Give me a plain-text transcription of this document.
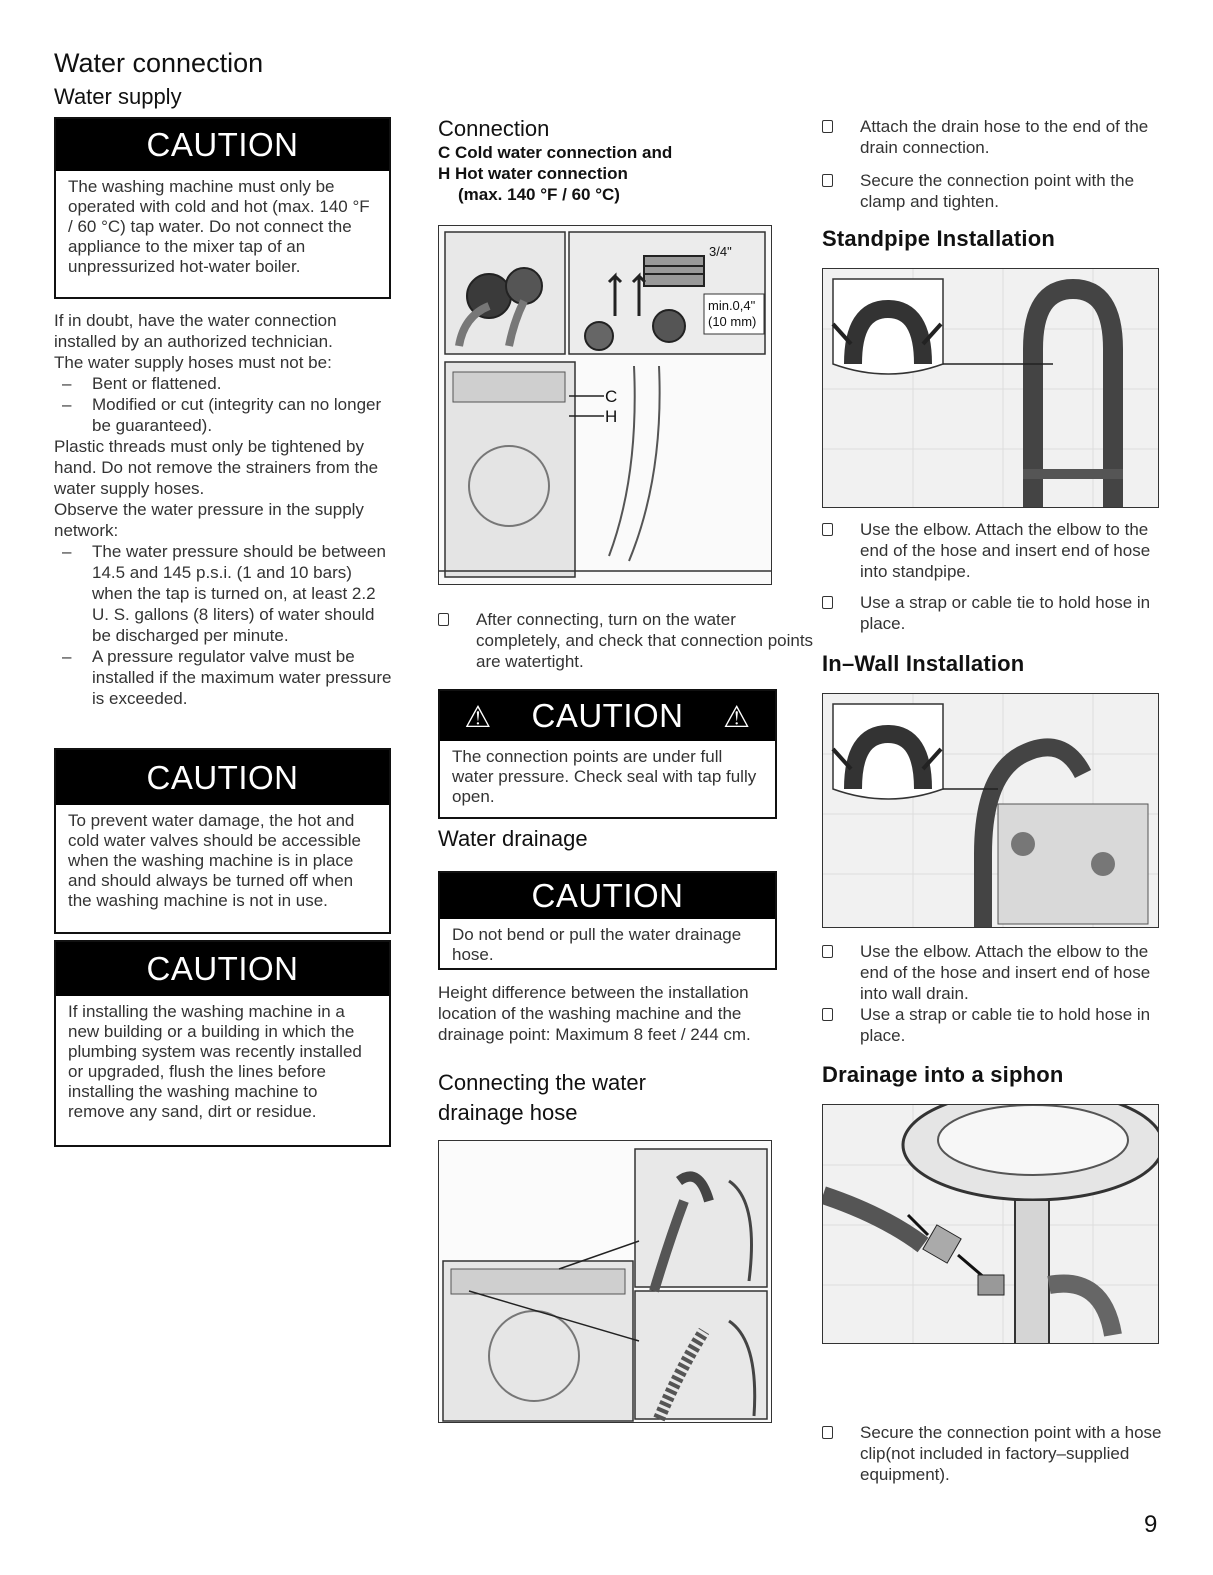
Water connection
Water supply
CAUTION
The washing machine must only be operated with cold and hot (max. 140 °F / 60 °C) tap water. Do not connect the appliance to the mixer tap of an unpressurized hot-water boiler.
If in doubt, have the water connection installed by an authorized technician.
The water supply hoses must not be:
– Bent or flattened.
– Modified or cut (integrity can no longer be guaranteed).
Plastic threads must only be tightened by hand. Do not remove the strainers from the water supply hoses.
Observe the water pressure in the supply network:
– The water pressure should be between 14.5 and 145 p.s.i. (1 and 10 bars) when the tap is turned on, at least 2.2 U. S. gallons (8 liters) of water should be discharged per minute.
– A pressure regulator valve must be installed if the maximum water pressure is exceeded.
CAUTION
To prevent water damage, the hot and cold water valves should be accessible when the washing machine is in place and should always be turned off when the washing machine is not in use.
CAUTION
If installing the washing machine in a new building or a building in which the plumbing system was recently installed or upgraded, flush the lines before installing the washing machine to remove any sand, dirt or residue.
Connection
C Cold water connection and
H Hot water connection
(max. 140 °F / 60 °C)
3/4"
min.0,4"
(10 mm)
C
H
After connecting, turn on the water completely, and check that connection points are watertight.
⚠ CAUTION ⚠
The connection points are under full water pressure. Check seal with tap fully open.
Water drainage
CAUTION
Do not bend or pull the water drainage hose.
Height difference between the installation location of the washing machine and the drainage point: Maximum 8 feet / 244 cm.
Connecting the water
drainage hose
Attach the drain hose to the end of the drain connection.
Secure the connection point with the clamp and tighten.
Standpipe Installation
Use the elbow. Attach the elbow to the end of the hose and insert end of hose into standpipe.
Use a strap or cable tie to hold hose in place.
In–Wall Installation
Use the elbow. Attach the elbow to the end of the hose and insert end of hose into wall drain.
Use a strap or cable tie to hold hose in place.
Drainage into a siphon
Secure the connection point with a hose clip(not included in factory–supplied equipment).
9
